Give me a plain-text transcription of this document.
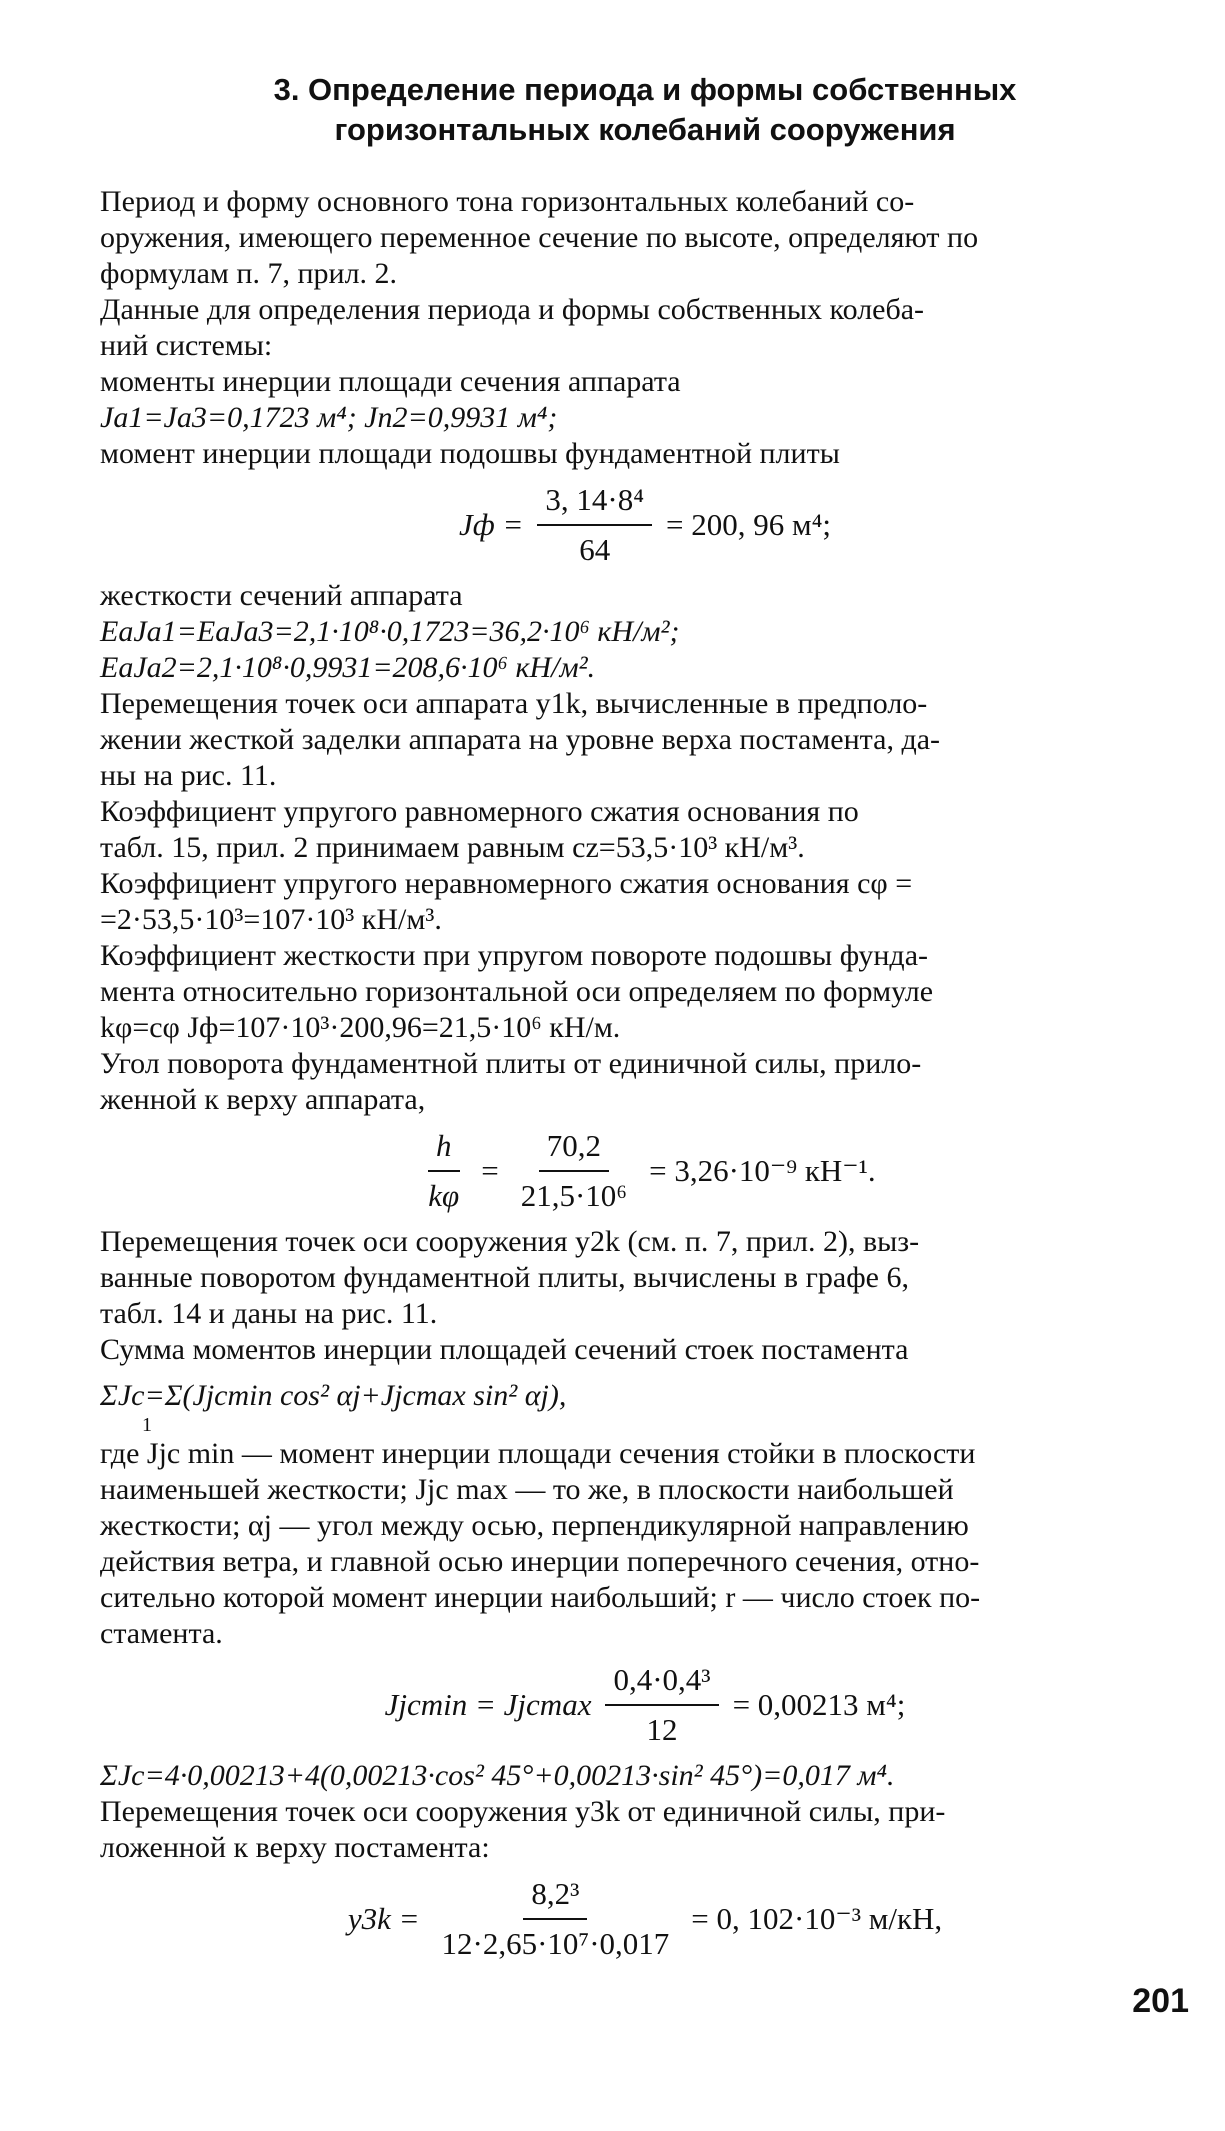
3. Определение периода и формы собственных
горизонтальных колебаний сооружения
Период и форму основного тона горизонтальных колебаний со-
оружения, имеющего переменное сечение по высоте, определяют по
формулам п. 7, прил. 2.
Данные для определения периода и формы собственных колеба-
ний системы:
моменты инерции площади сечения аппарата
Jа1=Jа3=0,1723 м⁴; Jп2=0,9931 м⁴;
момент инерции площади подошвы фундаментной плиты
Jф = $\frac{\text{3, 14·8⁴}}{64} = 200$, 96 м⁴;
жесткости сечений аппарата
EаJа1=EаJа3=2,1·10⁸·0,1723=36,2·10⁶ кН/м²;
EаJа2=2,1·10⁸·0,9931=208,6·10⁶ кН/м².
Перемещения точек оси аппарата y1k, вычисленные в предполо-
жении жесткой заделки аппарата на уровне верха постамента, да-
ны на рис. 11.
Коэффициент упругого равномерного сжатия основания по
табл. 15, прил. 2 принимаем равным cz=53,5·10³ кН/м³.
Коэффициент упругого неравномерного сжатия основания cφ =
=2·53,5·10³=107·10³ кН/м³.
Коэффициент жесткости при упругом повороте подошвы фунда-
мента относительно горизонтальной оси определяем по формуле
kφ=cφ Jф=107·10³·200,96=21,5·10⁶ кН/м.
Угол поворота фундаментной плиты от единичной силы, прило-
женной к верху аппарата,
$\frac{h}{k\varphi} = \frac{70,2}{\text{21,5·10⁶}} = 3,26\cdot 10^{-9}$ кН⁻¹.
Перемещения точек оси сооружения y2k (см. п. 7, прил. 2), выз-
ванные поворотом фундаментной плиты, вычислены в графе 6,
табл. 14 и даны на рис. 11.
Сумма моментов инерции площадей сечений стоек постамента
ΣJc=Σ(Jjcmin cos² αj+Jjcmax sin² αj),
1
где Jjc min — момент инерции площади сечения стойки в плоскости
наименьшей жесткости; Jjc max — то же, в плоскости наибольшей
жесткости; αj — угол между осью, перпендикулярной направлению
действия ветра, и главной осью инерции поперечного сечения, отно-
сительно которой момент инерции наибольший; r — число стоек по-
стамента.
Jjcmin = Jjcmax $\frac{\text{0,4·0,4³}}{12} = 0,00213$ м⁴;
ΣJc=4·0,00213+4(0,00213·cos² 45°+0,00213·sin² 45°)=0,017 м⁴.
Перемещения точек оси сооружения y3k от единичной силы, при-
ложенной к верху постамента:
$y3k = \frac{\text{8,2³}}{\text{12·2,65·10⁷·0,017}} = 0$, 102·10⁻³ м/кН,
201
